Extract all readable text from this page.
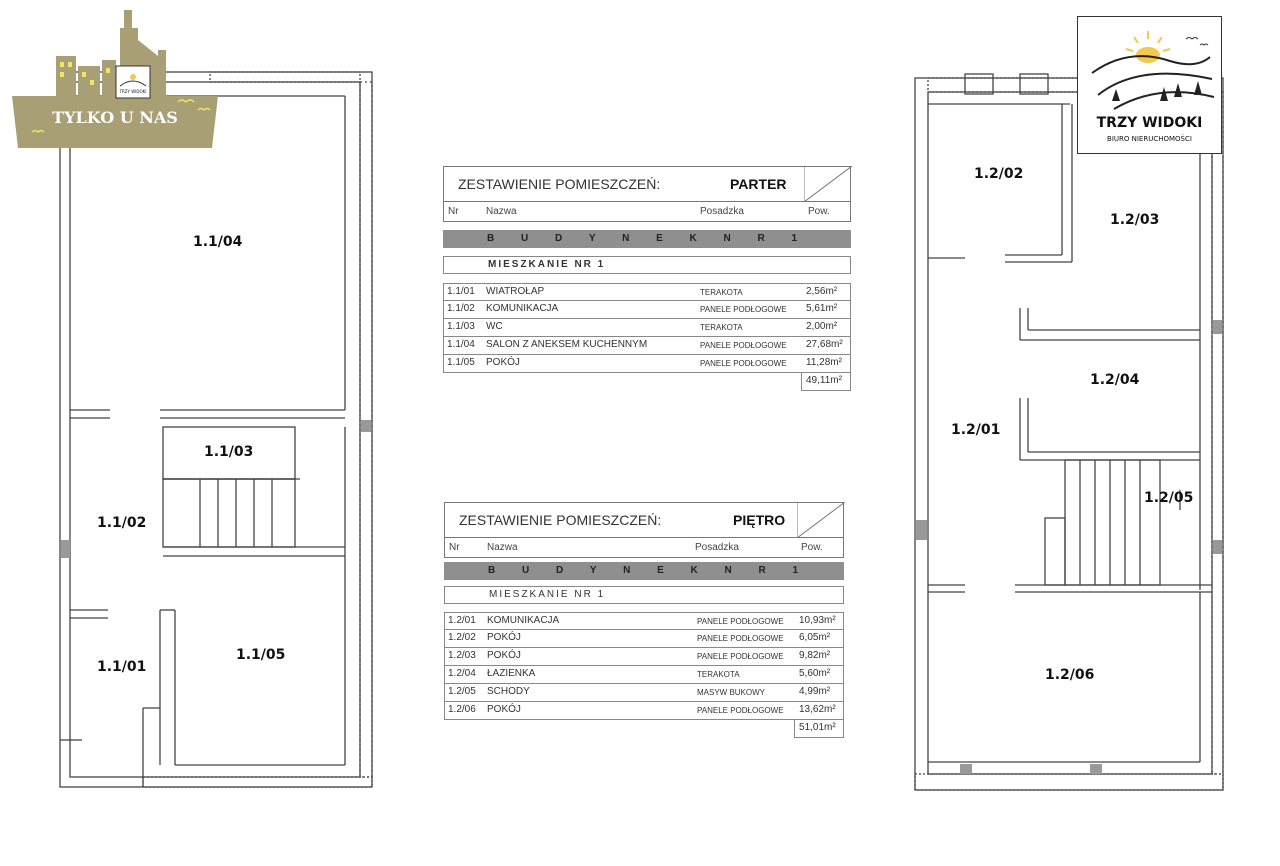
1.1/04
1.1/03
1.1/02
1.1/01
1.1/05
1.2/02
1.2/03
1.2/04
1.2/01
1.2/05
1.2/06
TRZY WIDOKI
TYLKO U NAS	TRZY WIDOKI
BIURO NIERUCHOMOŚCI
ZESTAWIENIE POMIESZCZEŃ:	PARTER
Nr	Nazwa	Posadzka	Pow.
B U D Y N E K N R 1
MIESZKANIE NR 1
1.1/01 WIATROŁAP	TERAKOTA	2,56m²
1.1/02 KOMUNIKACJA	PANELE PODŁOGOWE 5,61m²
1.1/03 WC	TERAKOTA	2,00m²
1.1/04 SALON Z ANEKSEM KUCHENNYM	PANELE PODŁOGOWE 27,68m²
1.1/05 POKÓJ	PANELE PODŁOGOWE 11,28m²
49,11m²
ZESTAWIENIE POMIESZCZEŃ:	PIĘTRO
Nr	Nazwa	Posadzka	Pow.
B U D Y N E K N R 1
MIESZKANIE NR 1
1.2/01 KOMUNIKACJA	PANELE PODŁOGOWE 10,93m²
1.2/02 POKÓJ	PANELE PODŁOGOWE 6,05m²
1.2/03 POKÓJ	PANELE PODŁOGOWE 9,82m²
1.2/04 ŁAZIENKA	TERAKOTA	5,60m²
1.2/05 SCHODY	MASYW BUKOWY	4,99m²
1.2/06 POKÓJ	PANELE PODŁOGOWE 13,62m²
51,01m²
